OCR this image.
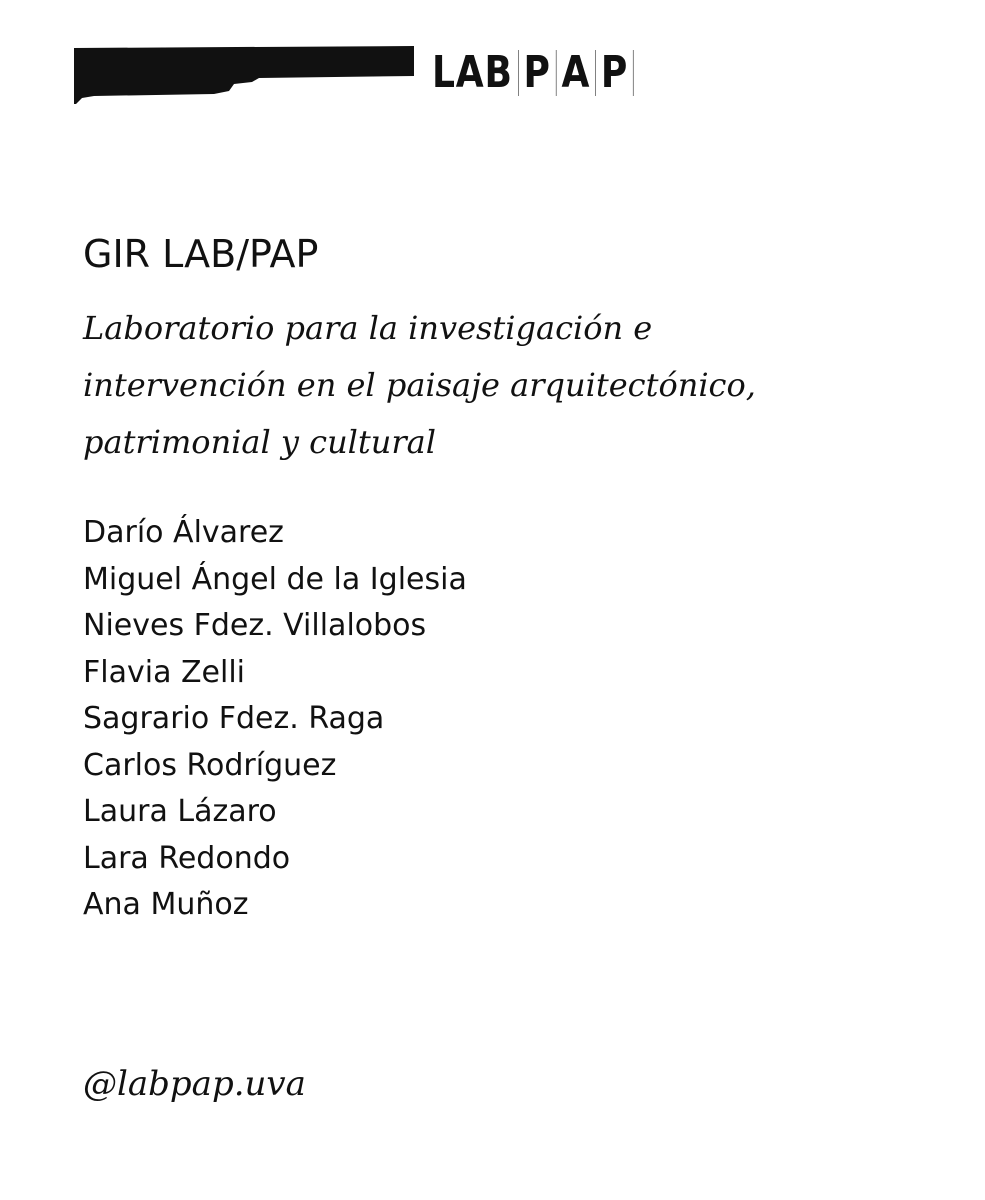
LAB P A P
GIR LAB/PAP

Laboratorio para la investigación e
intervención en el paisaje arquitectónico,
patrimonial y cultural

Darío Álvarez
Miguel Ángel de la Iglesia
Nieves Fdez. Villalobos
Flavia Zelli
Sagrario Fdez. Raga
Carlos Rodríguez
Laura Lázaro
Lara Redondo
Ana Muñoz

@labpap.uva
